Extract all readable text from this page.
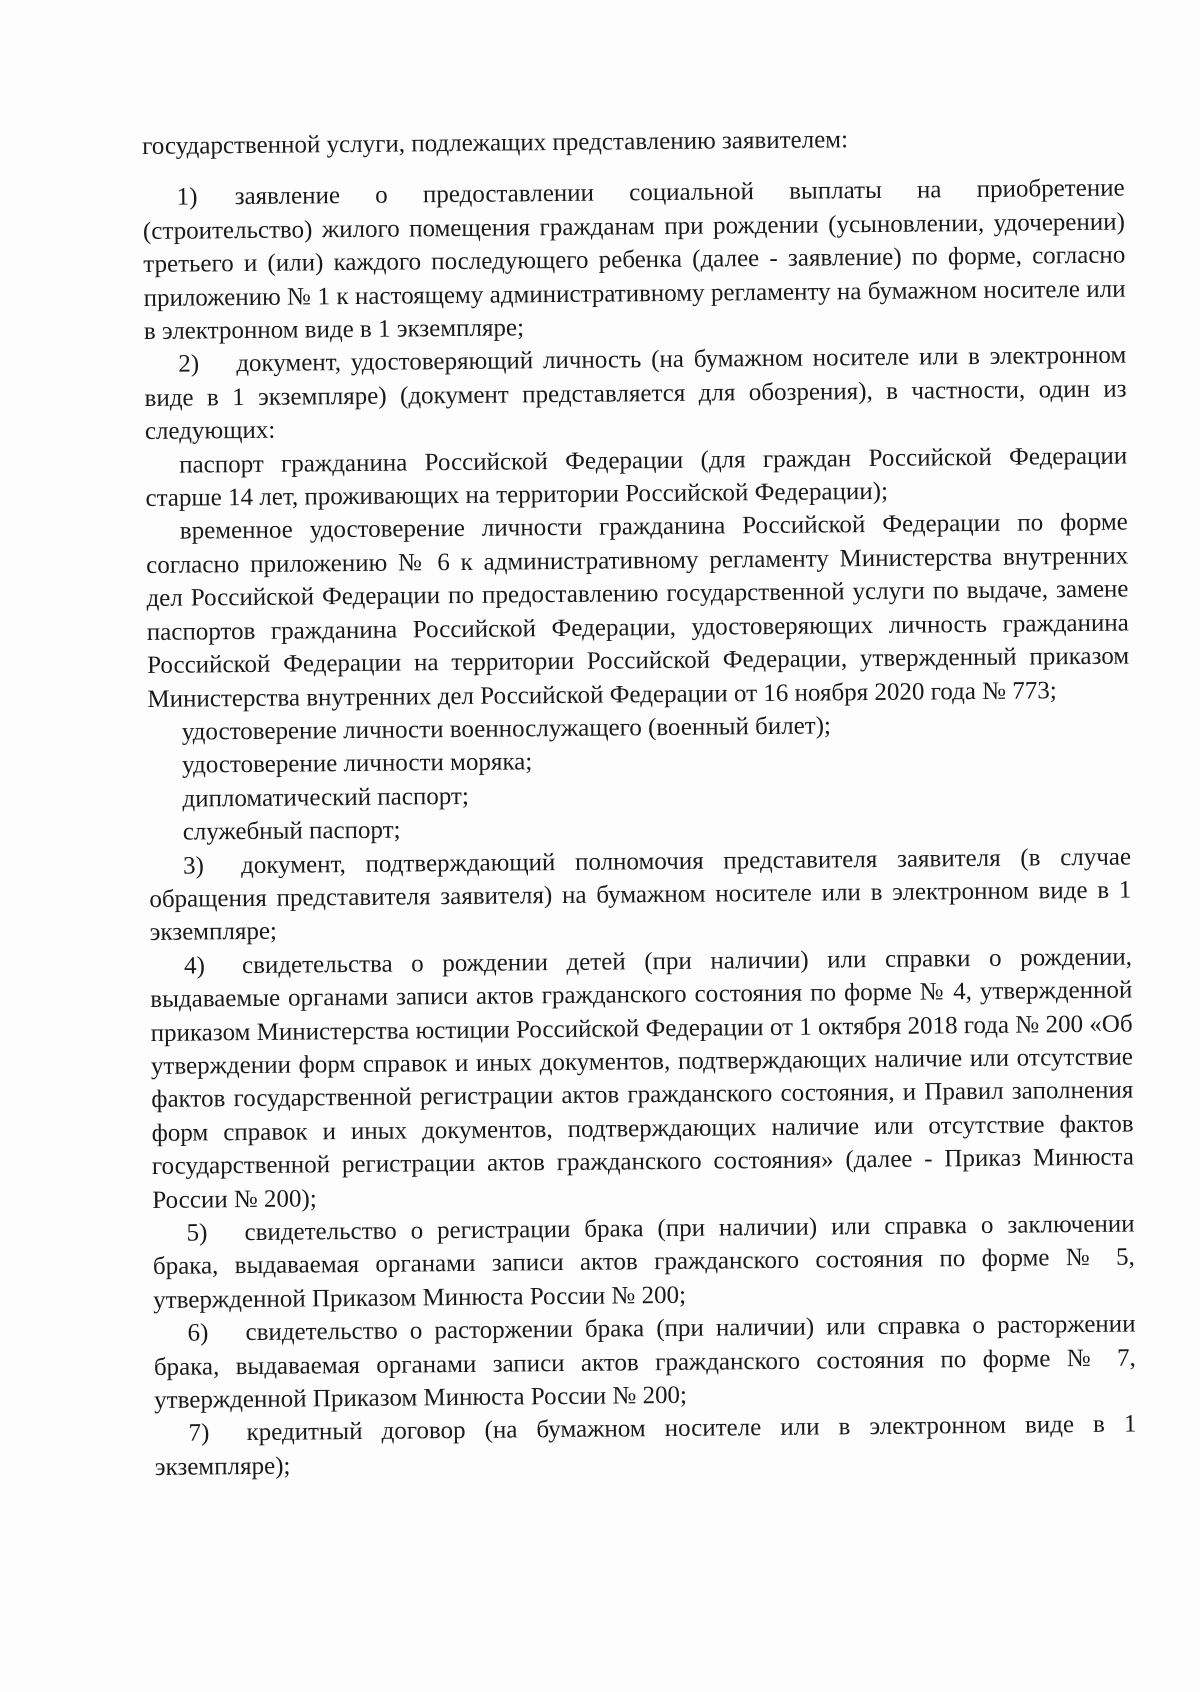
государственной услуги, подлежащих представлению заявителем:

1) заявление о предоставлении социальной выплаты на приобретение (строительство) жилого помещения гражданам при рождении (усыновлении, удочерении) третьего и (или) каждого последующего ребенка (далее - заявление) по форме, согласно приложению № 1 к настоящему административному регламенту на бумажном носителе или в электронном виде в 1 экземпляре;

2) документ, удостоверяющий личность (на бумажном носителе или в электронном виде в 1 экземпляре) (документ представляется для обозрения), в частности, один из следующих:

паспорт гражданина Российской Федерации (для граждан Российской Федерации старше 14 лет, проживающих на территории Российской Федерации);

временное удостоверение личности гражданина Российской Федерации по форме согласно приложению № 6 к административному регламенту Министерства внутренних дел Российской Федерации по предоставлению государственной услуги по выдаче, замене паспортов гражданина Российской Федерации, удостоверяющих личность гражданина Российской Федерации на территории Российской Федерации, утвержденный приказом Министерства внутренних дел Российской Федерации от 16 ноября 2020 года № 773;

удостоверение личности военнослужащего (военный билет);

удостоверение личности моряка;

дипломатический паспорт;

служебный паспорт;

3) документ, подтверждающий полномочия представителя заявителя (в случае обращения представителя заявителя) на бумажном носителе или в электронном виде в 1 экземпляре;

4) свидетельства о рождении детей (при наличии) или справки о рождении, выдаваемые органами записи актов гражданского состояния по форме № 4, утвержденной приказом Министерства юстиции Российской Федерации от 1 октября 2018 года № 200 «Об утверждении форм справок и иных документов, подтверждающих наличие или отсутствие фактов государственной регистрации актов гражданского состояния, и Правил заполнения форм справок и иных документов, подтверждающих наличие или отсутствие фактов государственной регистрации актов гражданского состояния» (далее - Приказ Минюста России № 200);

5) свидетельство о регистрации брака (при наличии) или справка о заключении брака, выдаваемая органами записи актов гражданского состояния по форме № 5, утвержденной Приказом Минюста России № 200;

6) свидетельство о расторжении брака (при наличии) или справка о расторжении брака, выдаваемая органами записи актов гражданского состояния по форме № 7, утвержденной Приказом Минюста России № 200;

7) кредитный договор (на бумажном носителе или в электронном виде в 1 экземпляре);
